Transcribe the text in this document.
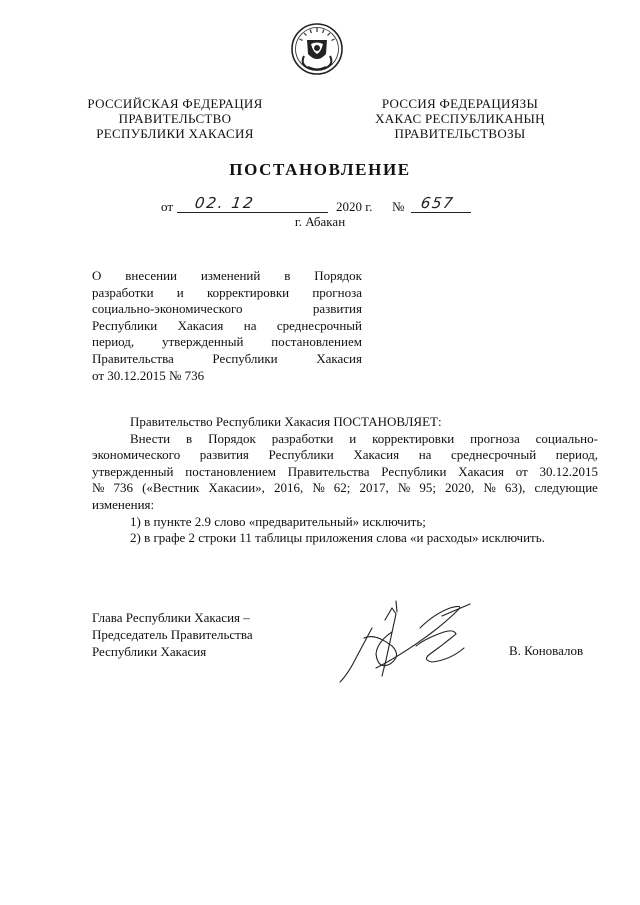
РОССИЙСКАЯ ФЕДЕРАЦИЯ
ПРАВИТЕЛЬСТВО
РЕСПУБЛИКИ ХАКАСИЯ
РОССИЯ ФЕДЕРАЦИЯЗЫ
ХАКАС РЕСПУБЛИКАНЫҢ
ПРАВИТЕЛЬСТВОЗЫ
ПОСТАНОВЛЕНИЕ
от 02. 12	2020 г. № 657
г. Абакан
О внесении изменений в Порядок
разработки и корректировки прогноза
социально-экономического	развития
Республики Хакасия на среднесрочный
период, утвержденный постановлением
Правительства	Республики	Хакасия
от 30.12.2015 № 736
Правительство Республики Хакасия ПОСТАНОВЛЯЕТ:
Внести в Порядок разработки и корректировки прогноза социально-
экономического развития Республики Хакасия на среднесрочный период,
утвержденный постановлением Правительства Республики Хакасия от 30.12.2015
№ 736 («Вестник Хакасии», 2016, № 62; 2017, № 95; 2020, № 63), следующие
изменения:
1) в пункте 2.9 слово «предварительный» исключить;
2) в графе 2 строки 11 таблицы приложения слова «и расходы» исключить.
Глава Республики Хакасия –
Председатель Правительства
Республики Хакасия	В. Коновалов
